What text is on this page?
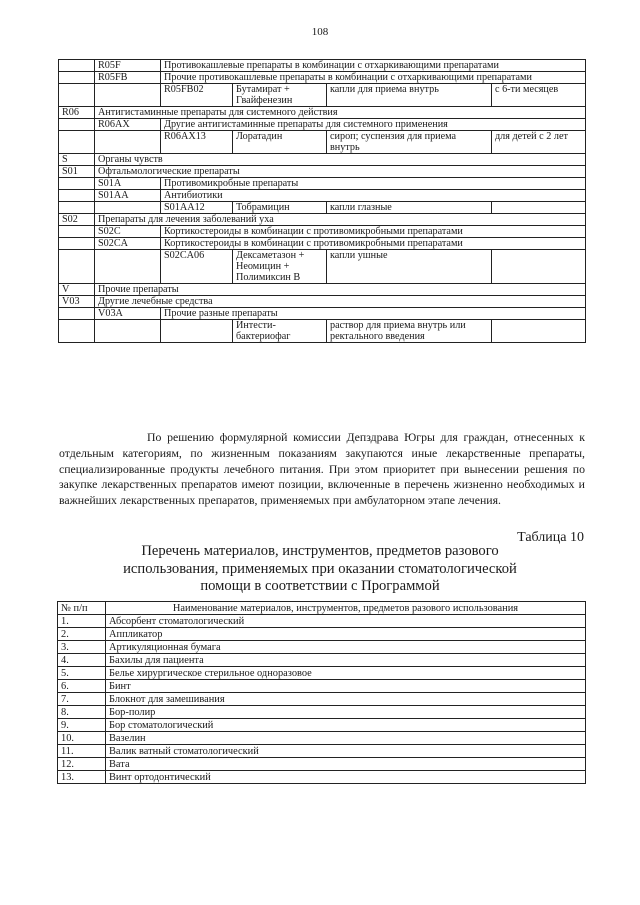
108
	R05F	Противокашлевые препараты в комбинации с отхаркивающими препаратами			
	R05FB	Прочие противокашлевые препараты в комбинации с отхаркивающими препаратами			
		R05FB02	Бутамират + Гвайфенезин	капли для приема внутрь	с 6-ти месяцев
R06	Антигистаминные препараты для системного действия				
	R06AX	Другие антигистаминные препараты для системного применения			
		R06AX13	Лоратадин	сироп; суспензия для приема внутрь	для детей с 2 лет
S	Органы чувств				
S01	Офтальмологические препараты				
	S01A	Противомикробные препараты			
	S01AA	Антибиотики			
		S01AA12	Тобрамицин	капли глазные	
S02	Препараты для лечения заболеваний уха				
	S02C	Кортикостероиды в комбинации с противомикробными препаратами			
	S02CA	Кортикостероиды в комбинации с противомикробными препаратами			
		S02CA06	Дексаметазон + Неомицин + Полимиксин В	капли ушные	
V	Прочие препараты				
V03	Другие лечебные средства				
	V03A	Прочие разные препараты			
			Интести-бактериофаг	раствор для приема внутрь или ректального введения	

По решению формулярной комиссии Депздрава Югры для граждан, отнесенных к отдельным категориям, по жизненным показаниям закупаются иные лекарственные препараты, специализированные продукты лечебного питания. При этом приоритет при вынесении решения по закупке лекарственных препаратов имеют позиции, включенные в перечень жизненно необходимых и важнейших лекарственных препаратов, применяемых при амбулаторном этапе лечения.

Таблица 10
Перечень материалов, инструментов, предметов разового
использования, применяемых при оказании стоматологической
помощи в соответствии с Программой
№ п/п	Наименование материалов, инструментов, предметов разового использования
1.	Абсорбент стоматологический
2.	Аппликатор
3.	Артикуляционная бумага
4.	Бахилы для пациента
5.	Белье хирургическое стерильное одноразовое
6.	Бинт
7.	Блокнот для замешивания
8.	Бор-полир
9.	Бор стоматологический
10.	Вазелин
11.	Валик ватный стоматологический
12.	Вата
13.	Винт ортодонтический
